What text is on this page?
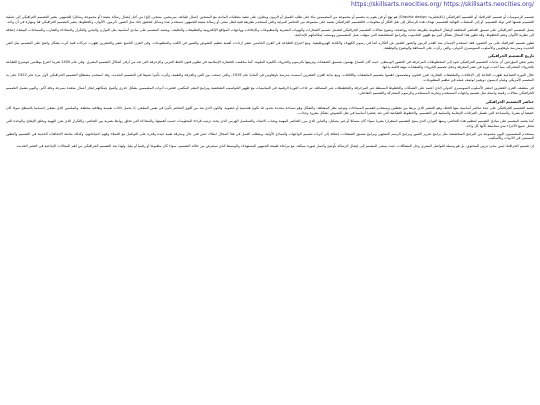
https://skillsarts.neocities.org/ https://skillsarts.neocities.org/

تصميم الرسوميات أو تصميم الجرافيك أو التصميم الغرافيكي (بالإنجليزية: Graphic design) هو نهج أو فن يقوم به مصمم أو مجموعة من المصممين بناء على طلب العميل أو الزبون ويتعاون على تنفيذ معطيات المادية مع المنتجين (عمال طباعة، مبرمجين، منتجي، إلخ) من أجل إيصال رسالة معينة (أو مجموعة رسائل) للجمهور. يشير التصميم الغرافيكي إلى عملية التصميم نفسها التي تولد التصميم، أو إلى المنتجات النهائية للتصميم. تهدف هذه الرسائل إلى نقل أفكار أو معلومات. فالتصميم الجرافيكي يعتمد على مجموعة من العناصر المرئية والتي تُستخدم بطريقة فنية لنقل معنى أو رسالة معينة للجمهور. تستخدم عدة وسائل لتحقيق ذلك مثل الصور، الرموز، الألوان، والخطوط. يعتبر التصميم الغرافيكي فنا ومهارة في آن واحد.

يعمل المصمم الجرافيكي على تنسيق العناصر المختلفة لإيصال المعلومة بطريقة جذابة وواضحة، وتتنوع مجالات التصميم الجرافيكي لتشمل تصميم الشعارات والهويات البصرية والمطبوعات والإعلانات وواجهات المواقع الإلكترونية والتطبيقات والتغليف. ويعتمد المصمم على مبادئ أساسية مثل التوازن والتباين والتكرار والمحاذاة والتقارب والمساحات البيضاء، إضافة إلى نظرية الألوان وعلم الخطوط. وقد تطور هذا المجال بشكل كبير مع ظهور الحاسوب والبرامج المتخصصة التي سهلت عمل المصممين ووسعت إمكانياتهم الإبداعية.

تطور تصميم الجرافيك على مر العصور، فقد استخدم الإنسان منذ القدم الرموز والصور للتعبير عن أفكاره كما في رسوم الكهوف والكتابة الهيروغليفية. ومع اختراع الطباعة في القرن الخامس عشر ازدادت أهمية تنظيم النصوص والصور في الكتب والمطبوعات. وفي القرن التاسع عشر والعشرين ظهرت حركات فنية أثرت بشكل واضح على التصميم مثل الفن الحديث ومدرسة باوهاوس والأسلوب السويسري الدولي، والتي ركزت على البساطة والوضوح والوظيفة.

تاريخ التصميم الجرافيكي

يعتبر بعض المؤرخين أن بدايات التصميم الجرافيكي تعود إلى المخطوطات المزخرفة في العصور الوسطى، حيث كان النساخ يهتمون بتنسيق الصفحات وتزيينها بالرسوم والحروف الكبيرة الملونة. كما ساهمت الحضارة الإسلامية في تطوير فنون الخط العربي والزخرفة التي تعد من أرقى أشكال التصميم البصري. وفي عام 1450 تقريبا اخترع يوهانس غوتنبرغ الطباعة بالحروف المتحركة، مما أحدث ثورة في نشر المعرفة وجعل تصميم الحروف والصفحات مهنة قائمة بذاتها.

خلال الثورة الصناعية ظهرت الحاجة إلى الإعلانات والملصقات التجارية، فبرز فنانون ومصممون اهتموا بتصميم الملصقات واللافتات. ومع بداية القرن العشرين أسست مدرسة باوهاوس في ألمانيا عام 1919، والتي جمعت بين الفن والحرفة والتقنية، وأثرت تأثيرا عميقا في التصميم الحديث. وقد استخدم مصطلح التصميم الجرافيكي لأول مرة عام 1922 على يد المصمم الأمريكي ويليام أديسون دويغينز لوصف عمله في تنظيم المطبوعات.

في منتصف القرن العشرين انتشر الأسلوب السويسري الدولي الذي اعتمد على الشبكات والخطوط البسيطة غير المزخرفة والتخطيطات غير المتماثلة. ثم جاءت الثورة الرقمية في الثمانينيات مع ظهور الحواسيب الشخصية وبرامج النشر المكتبي، فتغيرت أدوات المصممين بشكل جذري وأصبح بإمكانهم إنجاز أعمال معقدة بسرعة ودقة أكبر. واليوم يشمل التصميم الجرافيكي مجالات رقمية واسعة مثل تصميم واجهات المستخدم وتجربة المستخدم والرسوم المتحركة والتصميم التفاعلي.

عناصر التصميم الجرافيكي

يعتمد التصميم الجرافيكي على عدة عناصر أساسية منها الخط، وهو العنصر الذي يربط بين نقطتين ويستخدم لتقسيم المساحات وتوجيه نظر المشاهد. والشكل وهو مساحة محددة بحدود قد تكون هندسية أو عضوية. واللون الذي يعد من أقوى العناصر تأثيرا في نفس المتلقي، إذ يحمل دلالات نفسية وثقافية مختلفة. والملمس الذي يضفي إحساسا بالسطح سواء كان حقيقيا أو بصريا. والمساحة التي تشمل الفراغات الإيجابية والسلبية في التصميم. والخطوط الطباعية التي تعد عنصرا أساسيا في نقل النصوص بشكل مقروء وجذاب.

كما يعتمد المصمم على مبادئ التصميم لتنظيم هذه العناصر، ومنها التوازن الذي يمنح التصميم استقرارا بصريا سواء كان متماثلا أو غير متماثل، والتباين الذي يبرز العناصر المهمة ويجذب الانتباه، والتسلسل الهرمي الذي يحدد ترتيب قراءة المعلومات حسب أهميتها، والمحاذاة التي تخلق روابط بصرية بين العناصر، والتكرار الذي يعزز الهوية ويخلق الإيقاع، والوحدة التي تجعل جميع الأجزاء تبدو متناسقة كأنها كل واحد.

يستخدم المصممون اليوم مجموعة من البرامج المتخصصة مثل برامج تحرير الصور وبرامج الرسم المتجهي وبرامج تنسيق الصفحات، إضافة إلى أدوات تصميم الواجهات والنماذج الأولية. ويتطلب العمل في هذا المجال امتلاك حس فني عال ومعرفة تقنية جيدة وقدرة على التواصل مع العملاء وفهم احتياجاتهم، وكذلك متابعة الاتجاهات الحديثة في التصميم والتطور المستمر في الأدوات والأساليب.

إن تصميم الجرافيك ليس مجرد تزيين للمحتوى، بل هو وسيلة للتواصل البصري وحل المشكلات، حيث يسعى المصمم إلى إيصال الرسالة بأوضح وأجمل صورة ممكنة، مع مراعاة طبيعة الجمهور المستهدف والوسيط الذي سيعرض من خلاله التصميم، سواء كان مطبوعا أو رقميا أو بيئيا. ولهذا يعد التصميم الجرافيكي من أهم المجالات الإبداعية في العصر الحديث.
